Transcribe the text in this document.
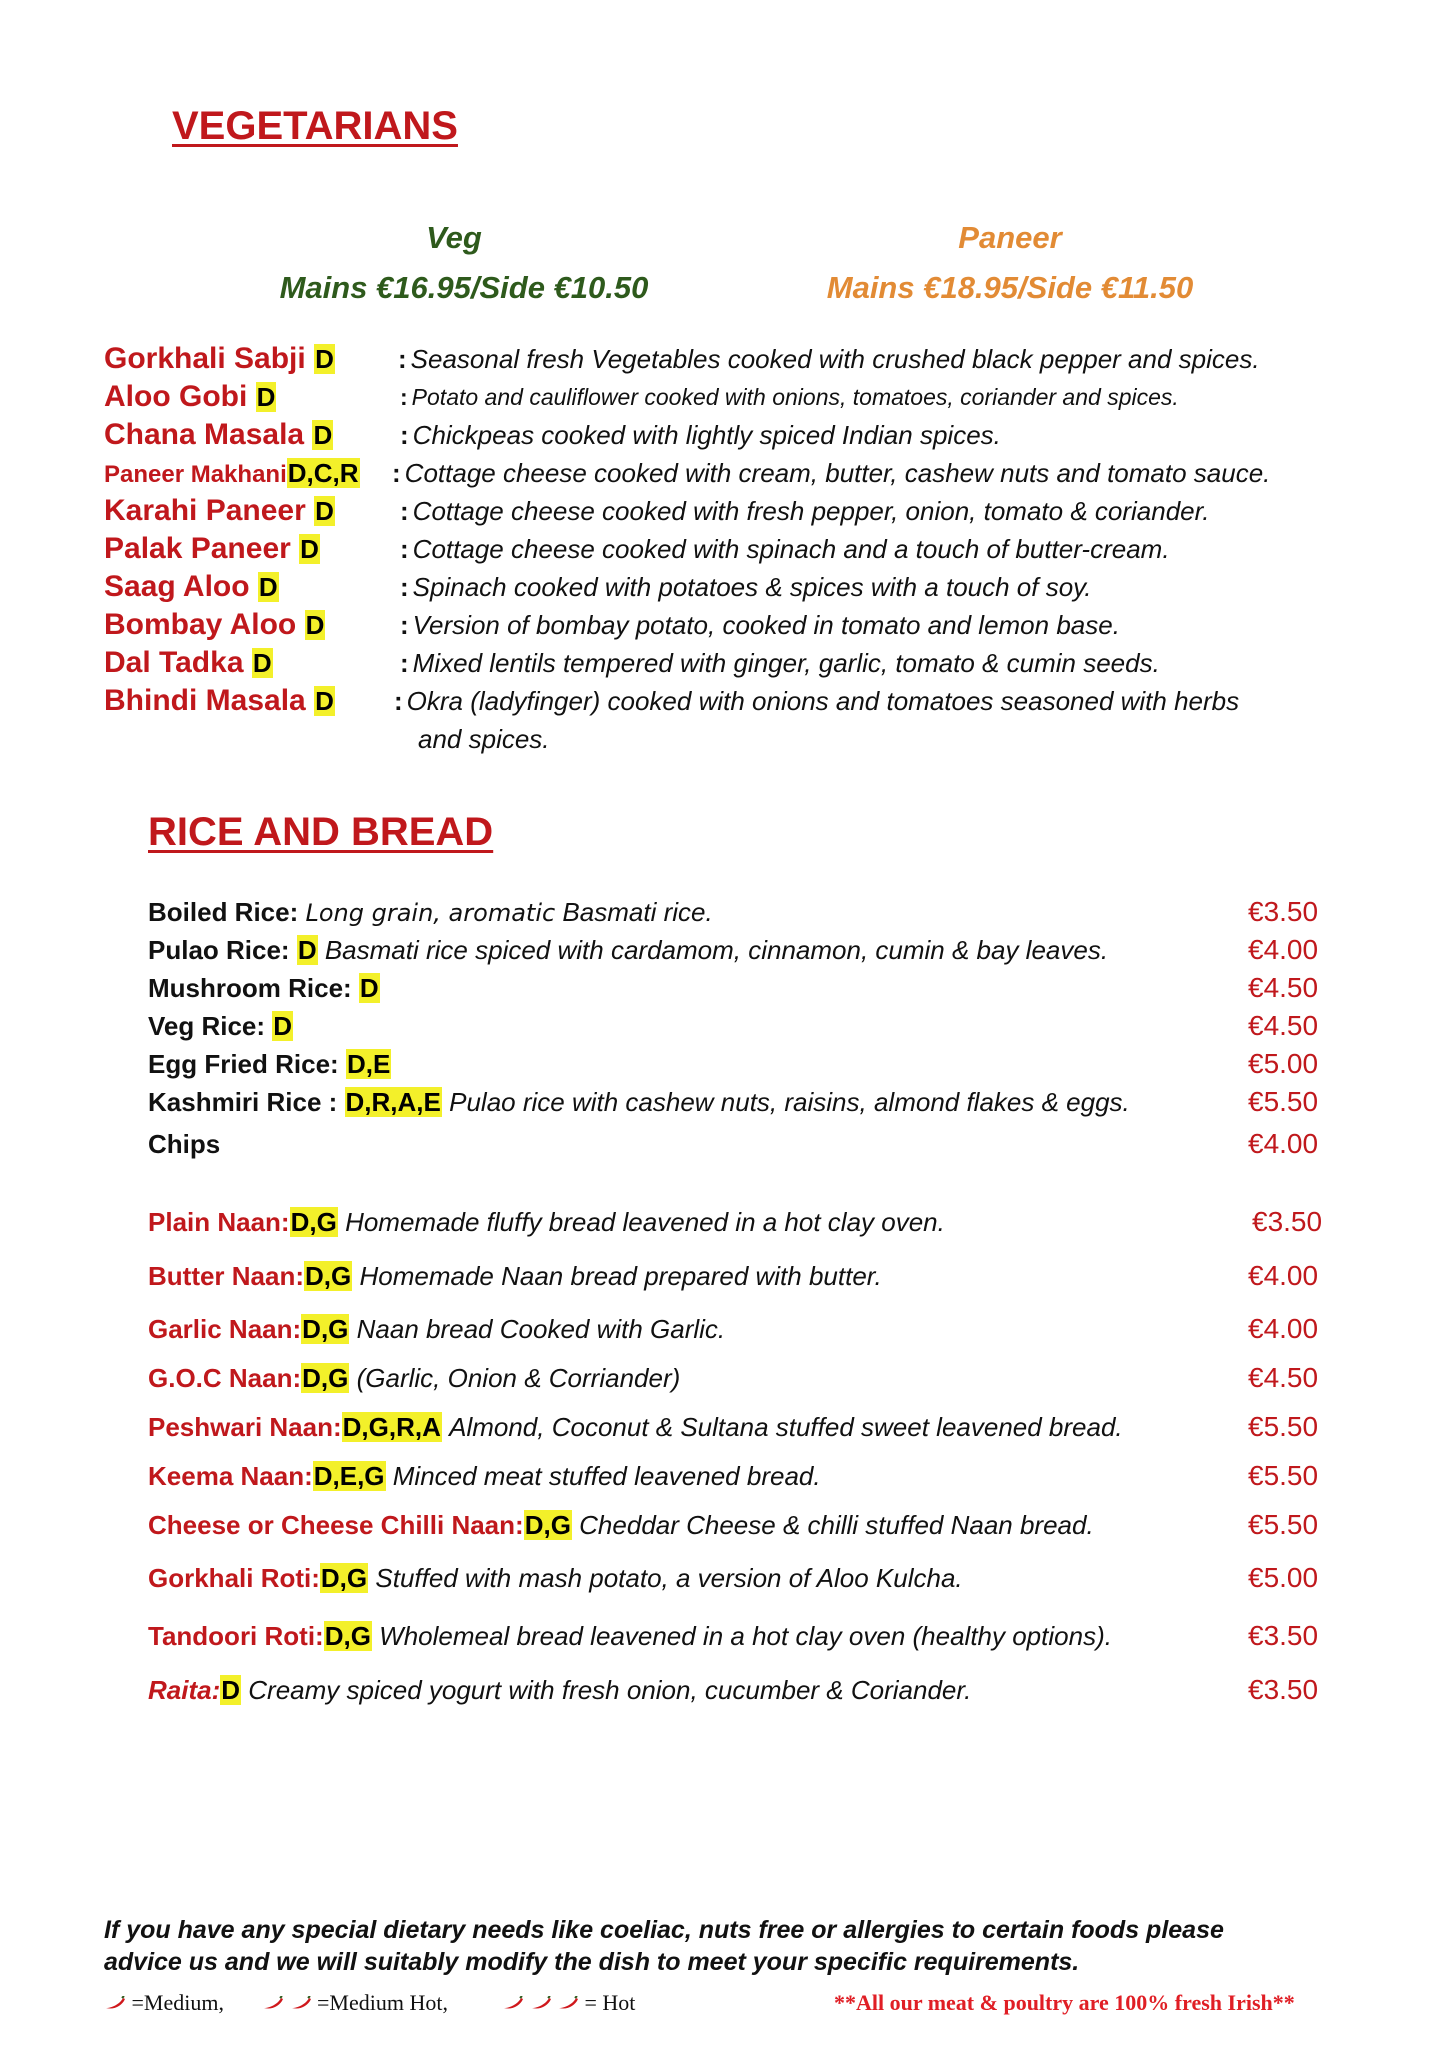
VEGETARIANS
Veg
Mains €16.95/Side €10.50
Paneer
Mains €18.95/Side €11.50
Gorkhali Sabji D : Seasonal fresh Vegetables cooked with crushed black pepper and spices.
Aloo Gobi D	: Potato and cauliflower cooked with onions, tomatoes, coriander and spices.
Chana Masala D	: Chickpeas cooked with lightly spiced Indian spices.
Paneer MakhaniD,C,R : Cottage cheese cooked with cream, butter, cashew nuts and tomato sauce.
Karahi Paneer D	: Cottage cheese cooked with fresh pepper, onion, tomato & coriander.
Palak Paneer D	: Cottage cheese cooked with spinach and a touch of butter-cream.
Saag Aloo D	: Spinach cooked with potatoes & spices with a touch of soy.
Bombay Aloo D	: Version of bombay potato, cooked in tomato and lemon base.
Dal Tadka D	: Mixed lentils tempered with ginger, garlic, tomato & cumin seeds.
Bhindi Masala D : Okra (ladyfinger) cooked with onions and tomatoes seasoned with herbs
and spices.
RICE AND BREAD
Boiled Rice: Long grain, aromatic Basmati rice.	€3.50
Pulao Rice: D Basmati rice spiced with cardamom, cinnamon, cumin & bay leaves.	€4.00
Mushroom Rice: D	€4.50
Veg Rice: D	€4.50
Egg Fried Rice: D,E	€5.00
Kashmiri Rice : D,R,A,E Pulao rice with cashew nuts, raisins, almond flakes & eggs.	€5.50
Chips	€4.00
Plain Naan:D,G Homemade fluffy bread leavened in a hot clay oven.	€3.50
Butter Naan:D,G Homemade Naan bread prepared with butter.	€4.00
Garlic Naan:D,G Naan bread Cooked with Garlic.	€4.00
G.O.C Naan:D,G (Garlic, Onion & Corriander)	€4.50
Peshwari Naan:D,G,R,A Almond, Coconut & Sultana stuffed sweet leavened bread.	€5.50
Keema Naan:D,E,G Minced meat stuffed leavened bread.	€5.50
Cheese or Cheese Chilli Naan:D,G Cheddar Cheese & chilli stuffed Naan bread.	€5.50
Gorkhali Roti:D,G Stuffed with mash potato, a version of Aloo Kulcha.	€5.00
Tandoori Roti:D,G Wholemeal bread leavened in a hot clay oven (healthy options).	€3.50
Raita:D Creamy spiced yogurt with fresh onion, cucumber & Coriander.	€3.50
If you have any special dietary needs like coeliac, nuts free or allergies to certain foods please
advice us and we will suitably modify the dish to meet your specific requirements.
=Medium,	=Medium Hot,	= Hot	**All our meat & poultry are 100% fresh Irish**
